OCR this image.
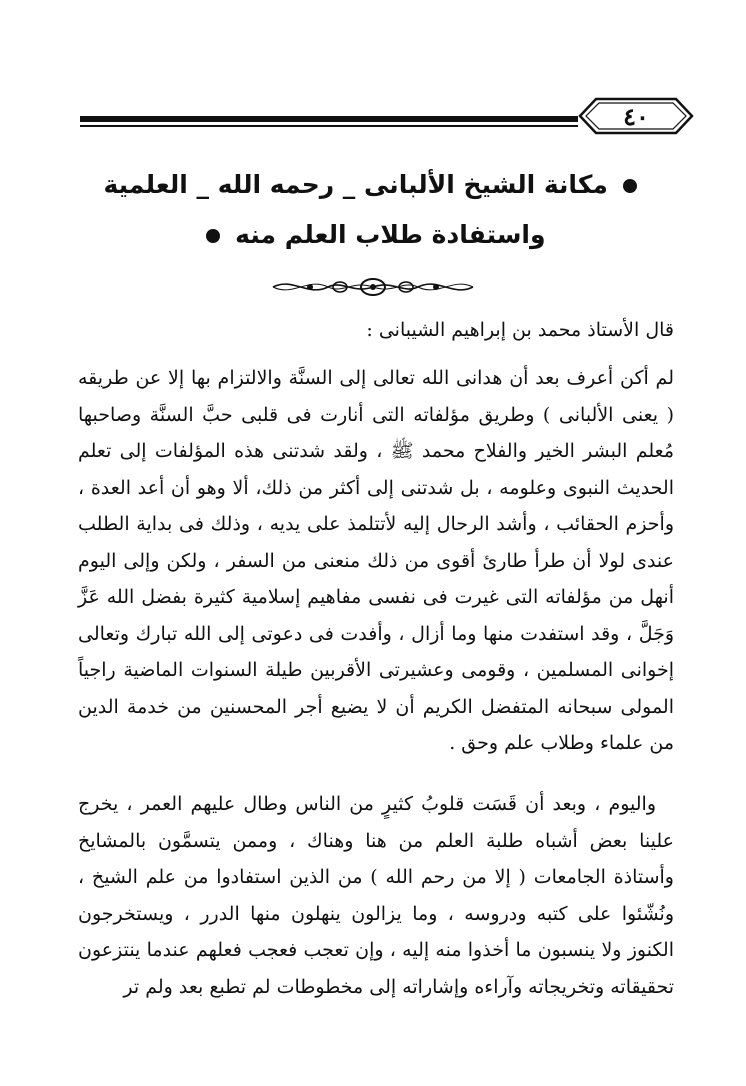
٤٠
مكانة الشيخ الألبانى _ رحمه الله _ العلمية
واستفادة طلاب العلم منه
قال الأستاذ محمد بن إبراهيم الشيبانى :

لم أكن أعرف بعد أن هدانى الله تعالى إلى السنَّة والالتزام بها إلا عن طريقه ( يعنى الألبانى ) وطريق مؤلفاته التى أنارت فى قلبى حبَّ السنَّة وصاحبها مُعلم البشر الخير والفلاح محمد ﷺ ، ولقد شدتنى هذه المؤلفات إلى تعلم الحديث النبوى وعلومه ، بل شدتنى إلى أكثر من ذلك، ألا وهو أن أعد العدة ، وأحزم الحقائب ، وأشد الرحال إليه لأتتلمذ على يديه ، وذلك فى بداية الطلب عندى لولا أن طرأ طارئ أقوى من ذلك منعنى من السفر ، ولكن وإلى اليوم أنهل من مؤلفاته التى غيرت فى نفسى مفاهيم إسلامية كثيرة بفضل الله عَزَّ وَجَلَّ ، وقد استفدت منها وما أزال ، وأفدت فى دعوتى إلى الله تبارك وتعالى إخوانى المسلمين ، وقومى وعشيرتى الأقربين طيلة السنوات الماضية راجياً المولى سبحانه المتفضل الكريم أن لا يضيع أجر المحسنين من خدمة الدين من علماء وطلاب علم وحق .

واليوم ، وبعد أن قَسَت قلوبُ كثيرٍ من الناس وطال عليهم العمر ، يخرج علينا بعض أشباه طلبة العلم من هنا وهناك ، وممن يتسمَّون بالمشايخ وأستاذة الجامعات ( إلا من رحم الله ) من الذين استفادوا من علم الشيخ ، ونُشّئوا على كتبه ودروسه ، وما يزالون ينهلون منها الدرر ، ويستخرجون الكنوز ولا ينسبون ما أخذوا منه إليه ، وإن تعجب فعجب فعلهم عندما ينتزعون تحقيقاته وتخريجاته وآراءه وإشاراته إلى مخطوطات لم تطبع بعد ولم تر
